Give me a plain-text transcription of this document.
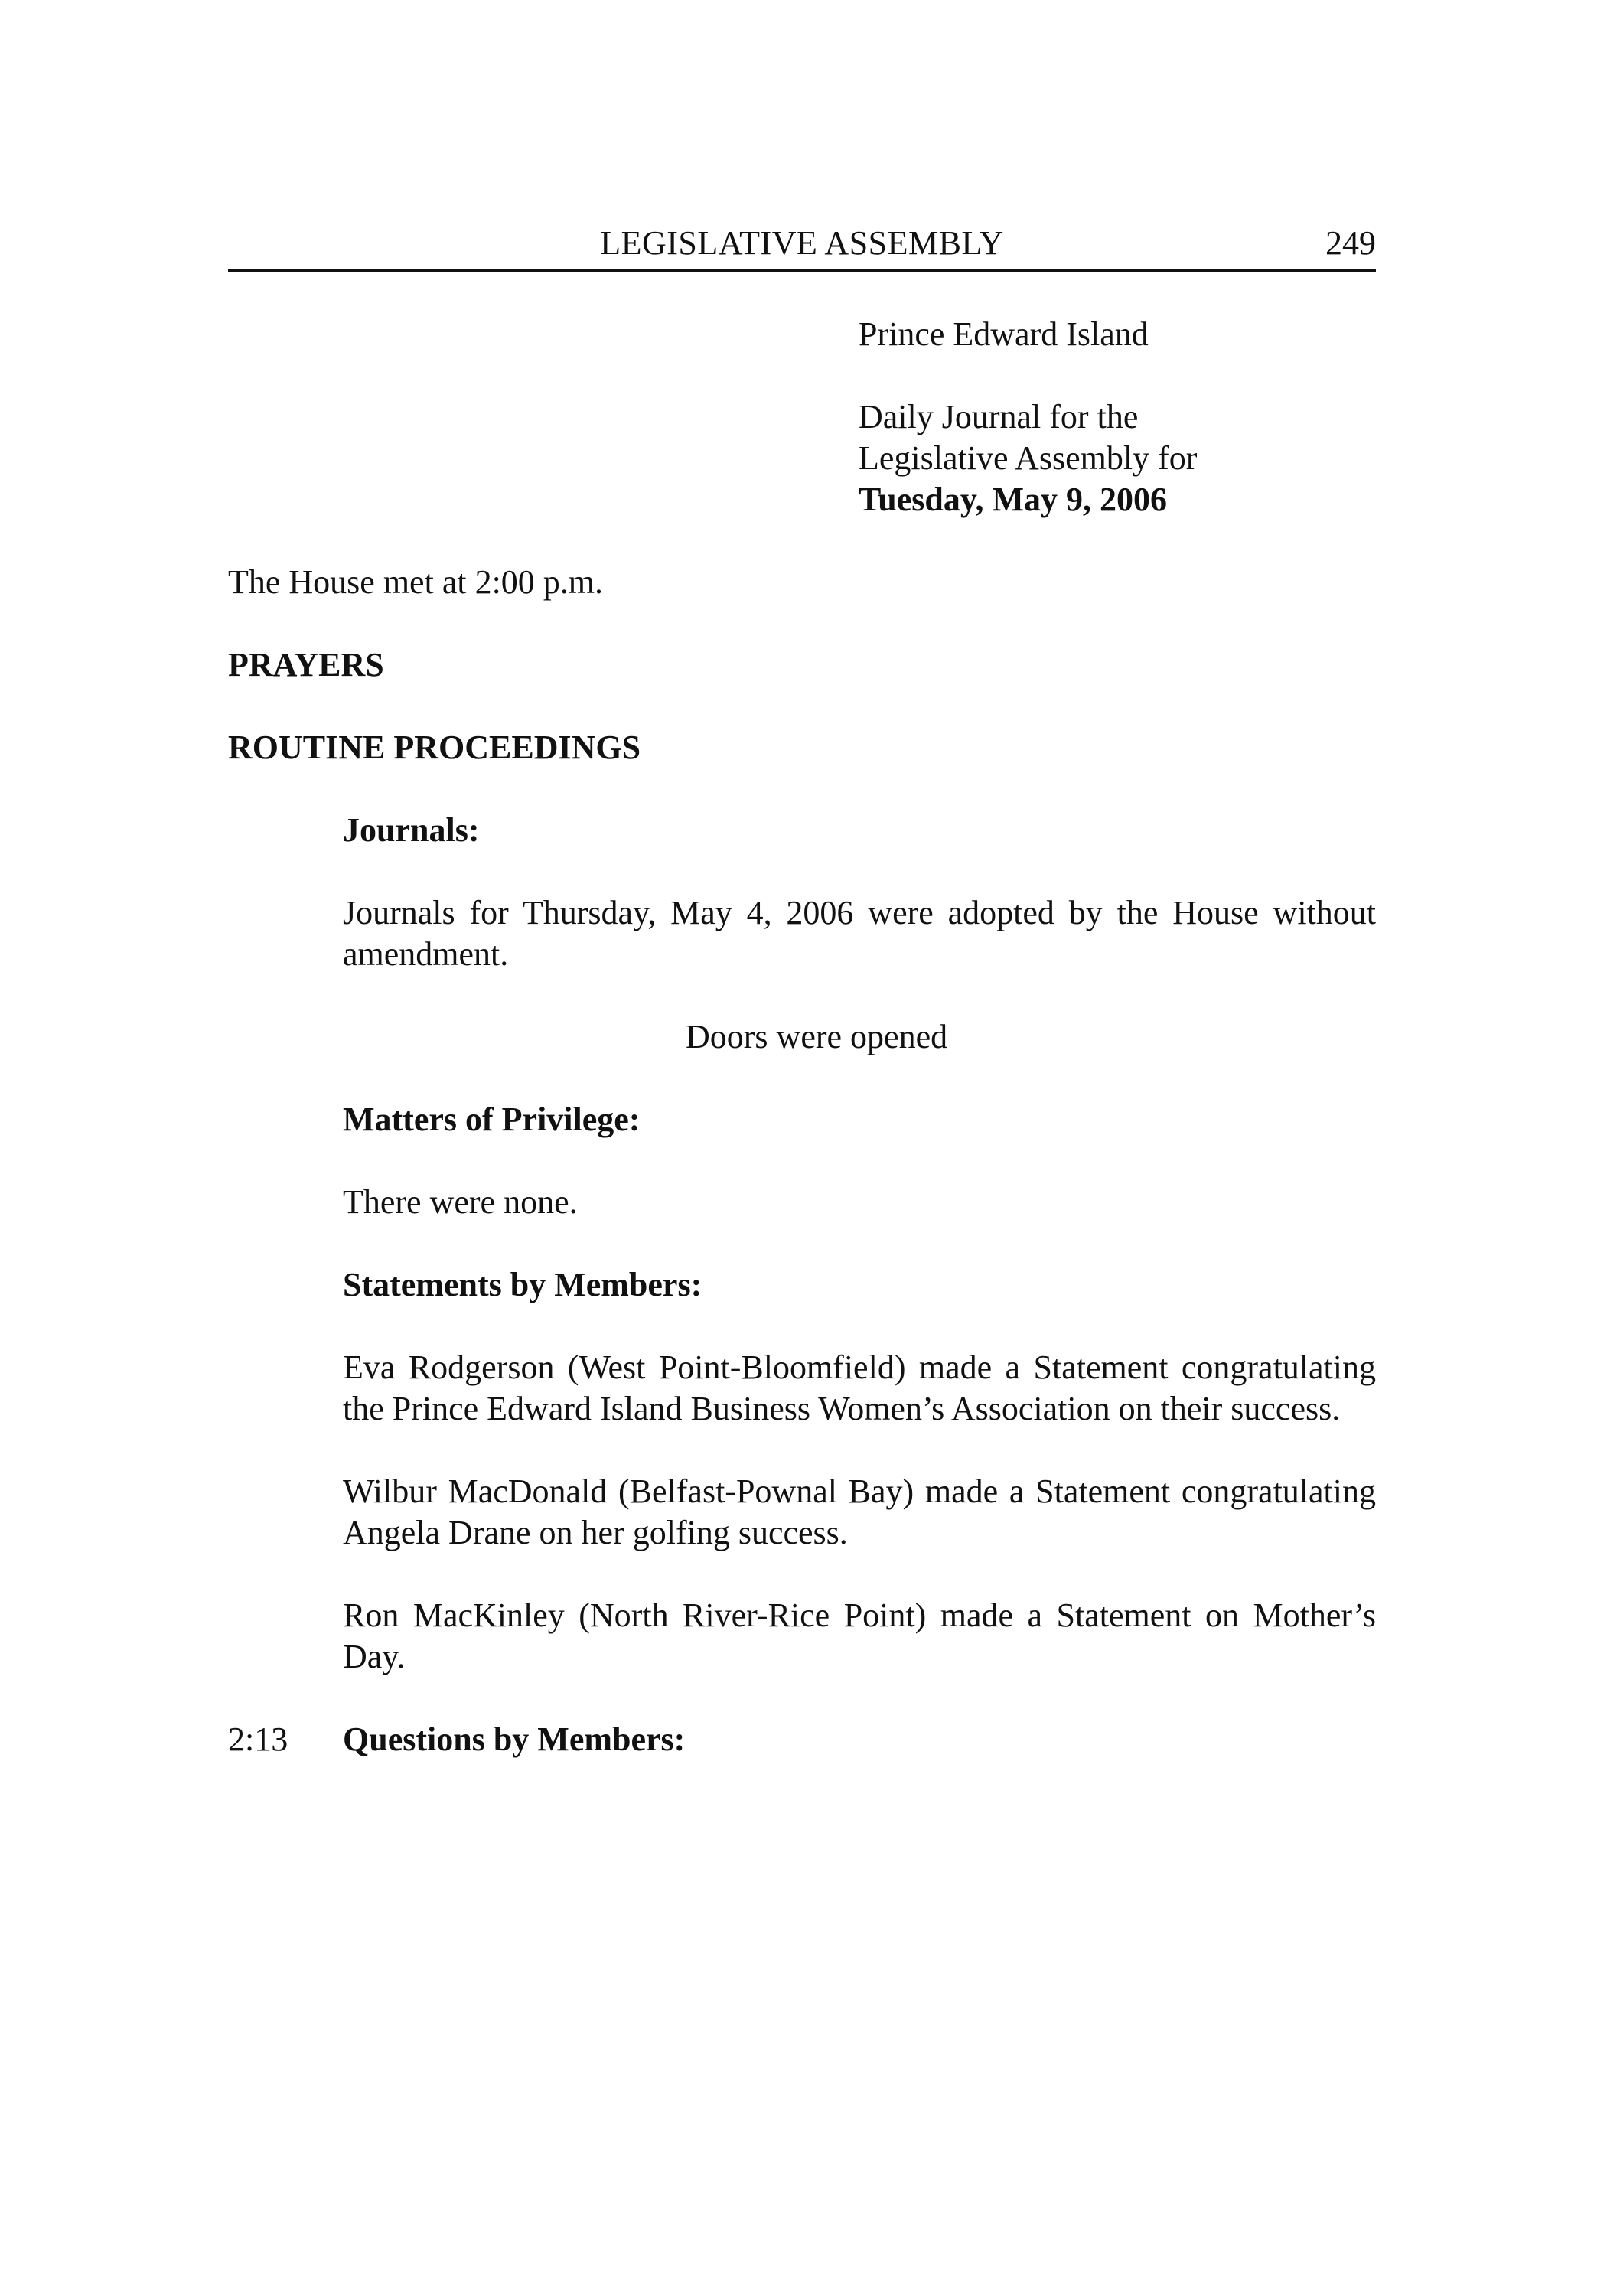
LEGISLATIVE ASSEMBLY	249
Prince Edward Island
Daily Journal for the
Legislative Assembly for
Tuesday, May 9, 2006
The House met at 2:00 p.m.
PRAYERS
ROUTINE PROCEEDINGS
Journals:
Journals for Thursday, May 4, 2006 were adopted by the House without amendment.
Doors were opened
Matters of Privilege:
There were none.
Statements by Members:
Eva Rodgerson (West Point-Bloomfield) made a Statement congratulating the Prince Edward Island Business Women’s Association on their success.
Wilbur MacDonald (Belfast-Pownal Bay) made a Statement congratulating Angela Drane on her golfing success.
Ron MacKinley (North River-Rice Point) made a Statement on Mother’s Day.
2:13 Questions by Members:
